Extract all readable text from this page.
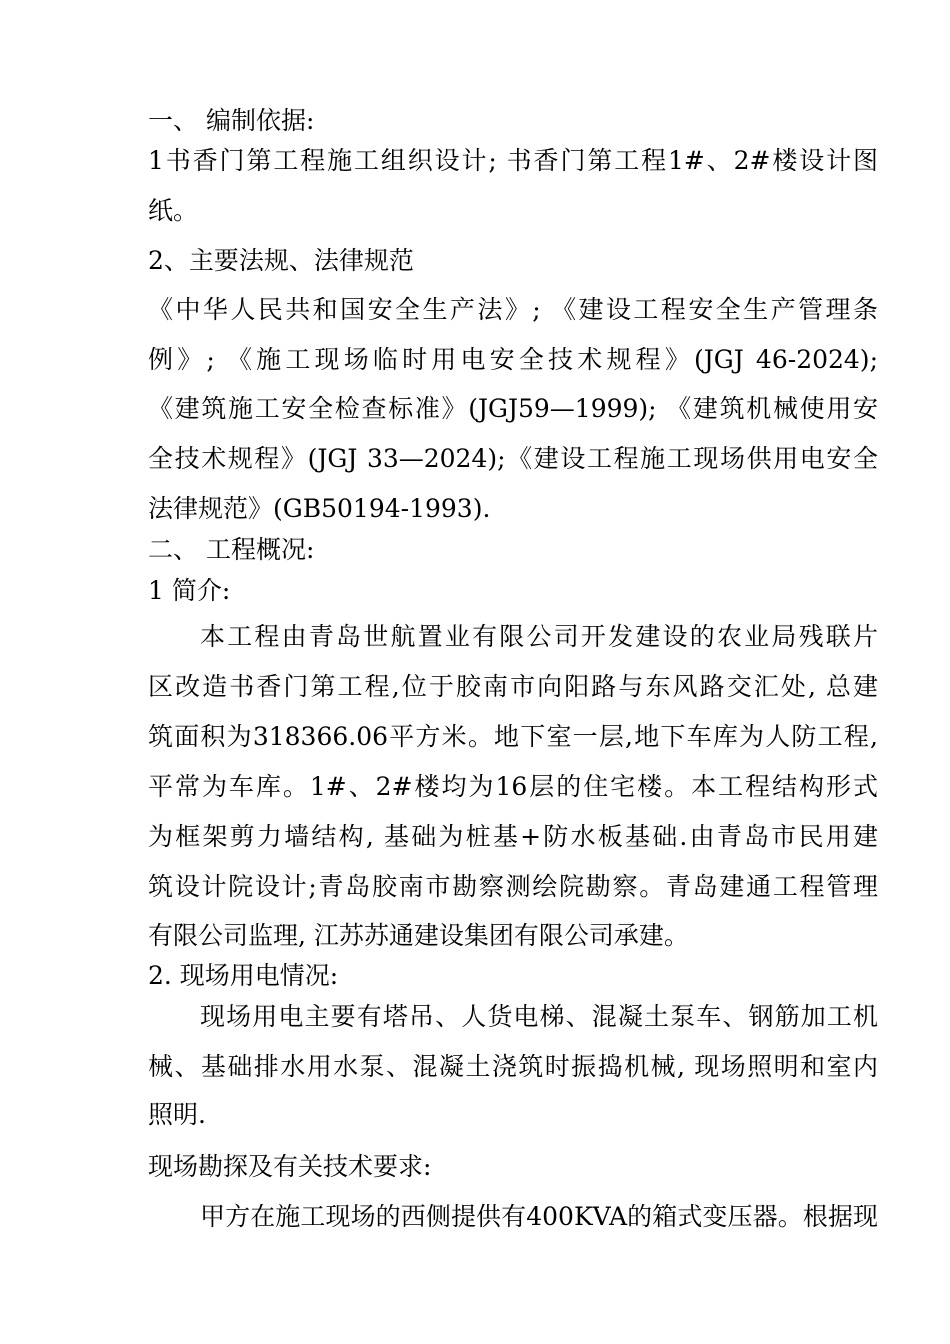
一、 编制依据:
1书香门第工程施工组织设计; 书香门第工程1#、2#楼设计图
纸。
2、主要法规、法律规范
《中华人民共和国安全生产法》; 《建设工程安全生产管理条
例》; 《施工现场临时用电安全技术规程》(JGJ 46-2024);
《建筑施工安全检查标准》(JGJ59—1999); 《建筑机械使用安
全技术规程》(JGJ 33—2024);《建设工程施工现场供用电安全
法律规范》(GB50194-1993).
二、 工程概况:
1 简介:
本工程由青岛世航置业有限公司开发建设的农业局残联片
区改造书香门第工程,位于胶南市向阳路与东风路交汇处, 总建
筑面积为318366.06平方米。地下室一层,地下车库为人防工程,
平常为车库。1#、2#楼均为16层的住宅楼。本工程结构形式
为框架剪力墙结构, 基础为桩基+防水板基础.由青岛市民用建
筑设计院设计;青岛胶南市勘察测绘院勘察。青岛建通工程管理
有限公司监理, 江苏苏通建设集团有限公司承建。
2. 现场用电情况:
现场用电主要有塔吊、人货电梯、混凝土泵车、钢筋加工机
械、基础排水用水泵、混凝土浇筑时振捣机械, 现场照明和室内
照明.
现场勘探及有关技术要求:
甲方在施工现场的西侧提供有400KVA的箱式变压器。根据现
